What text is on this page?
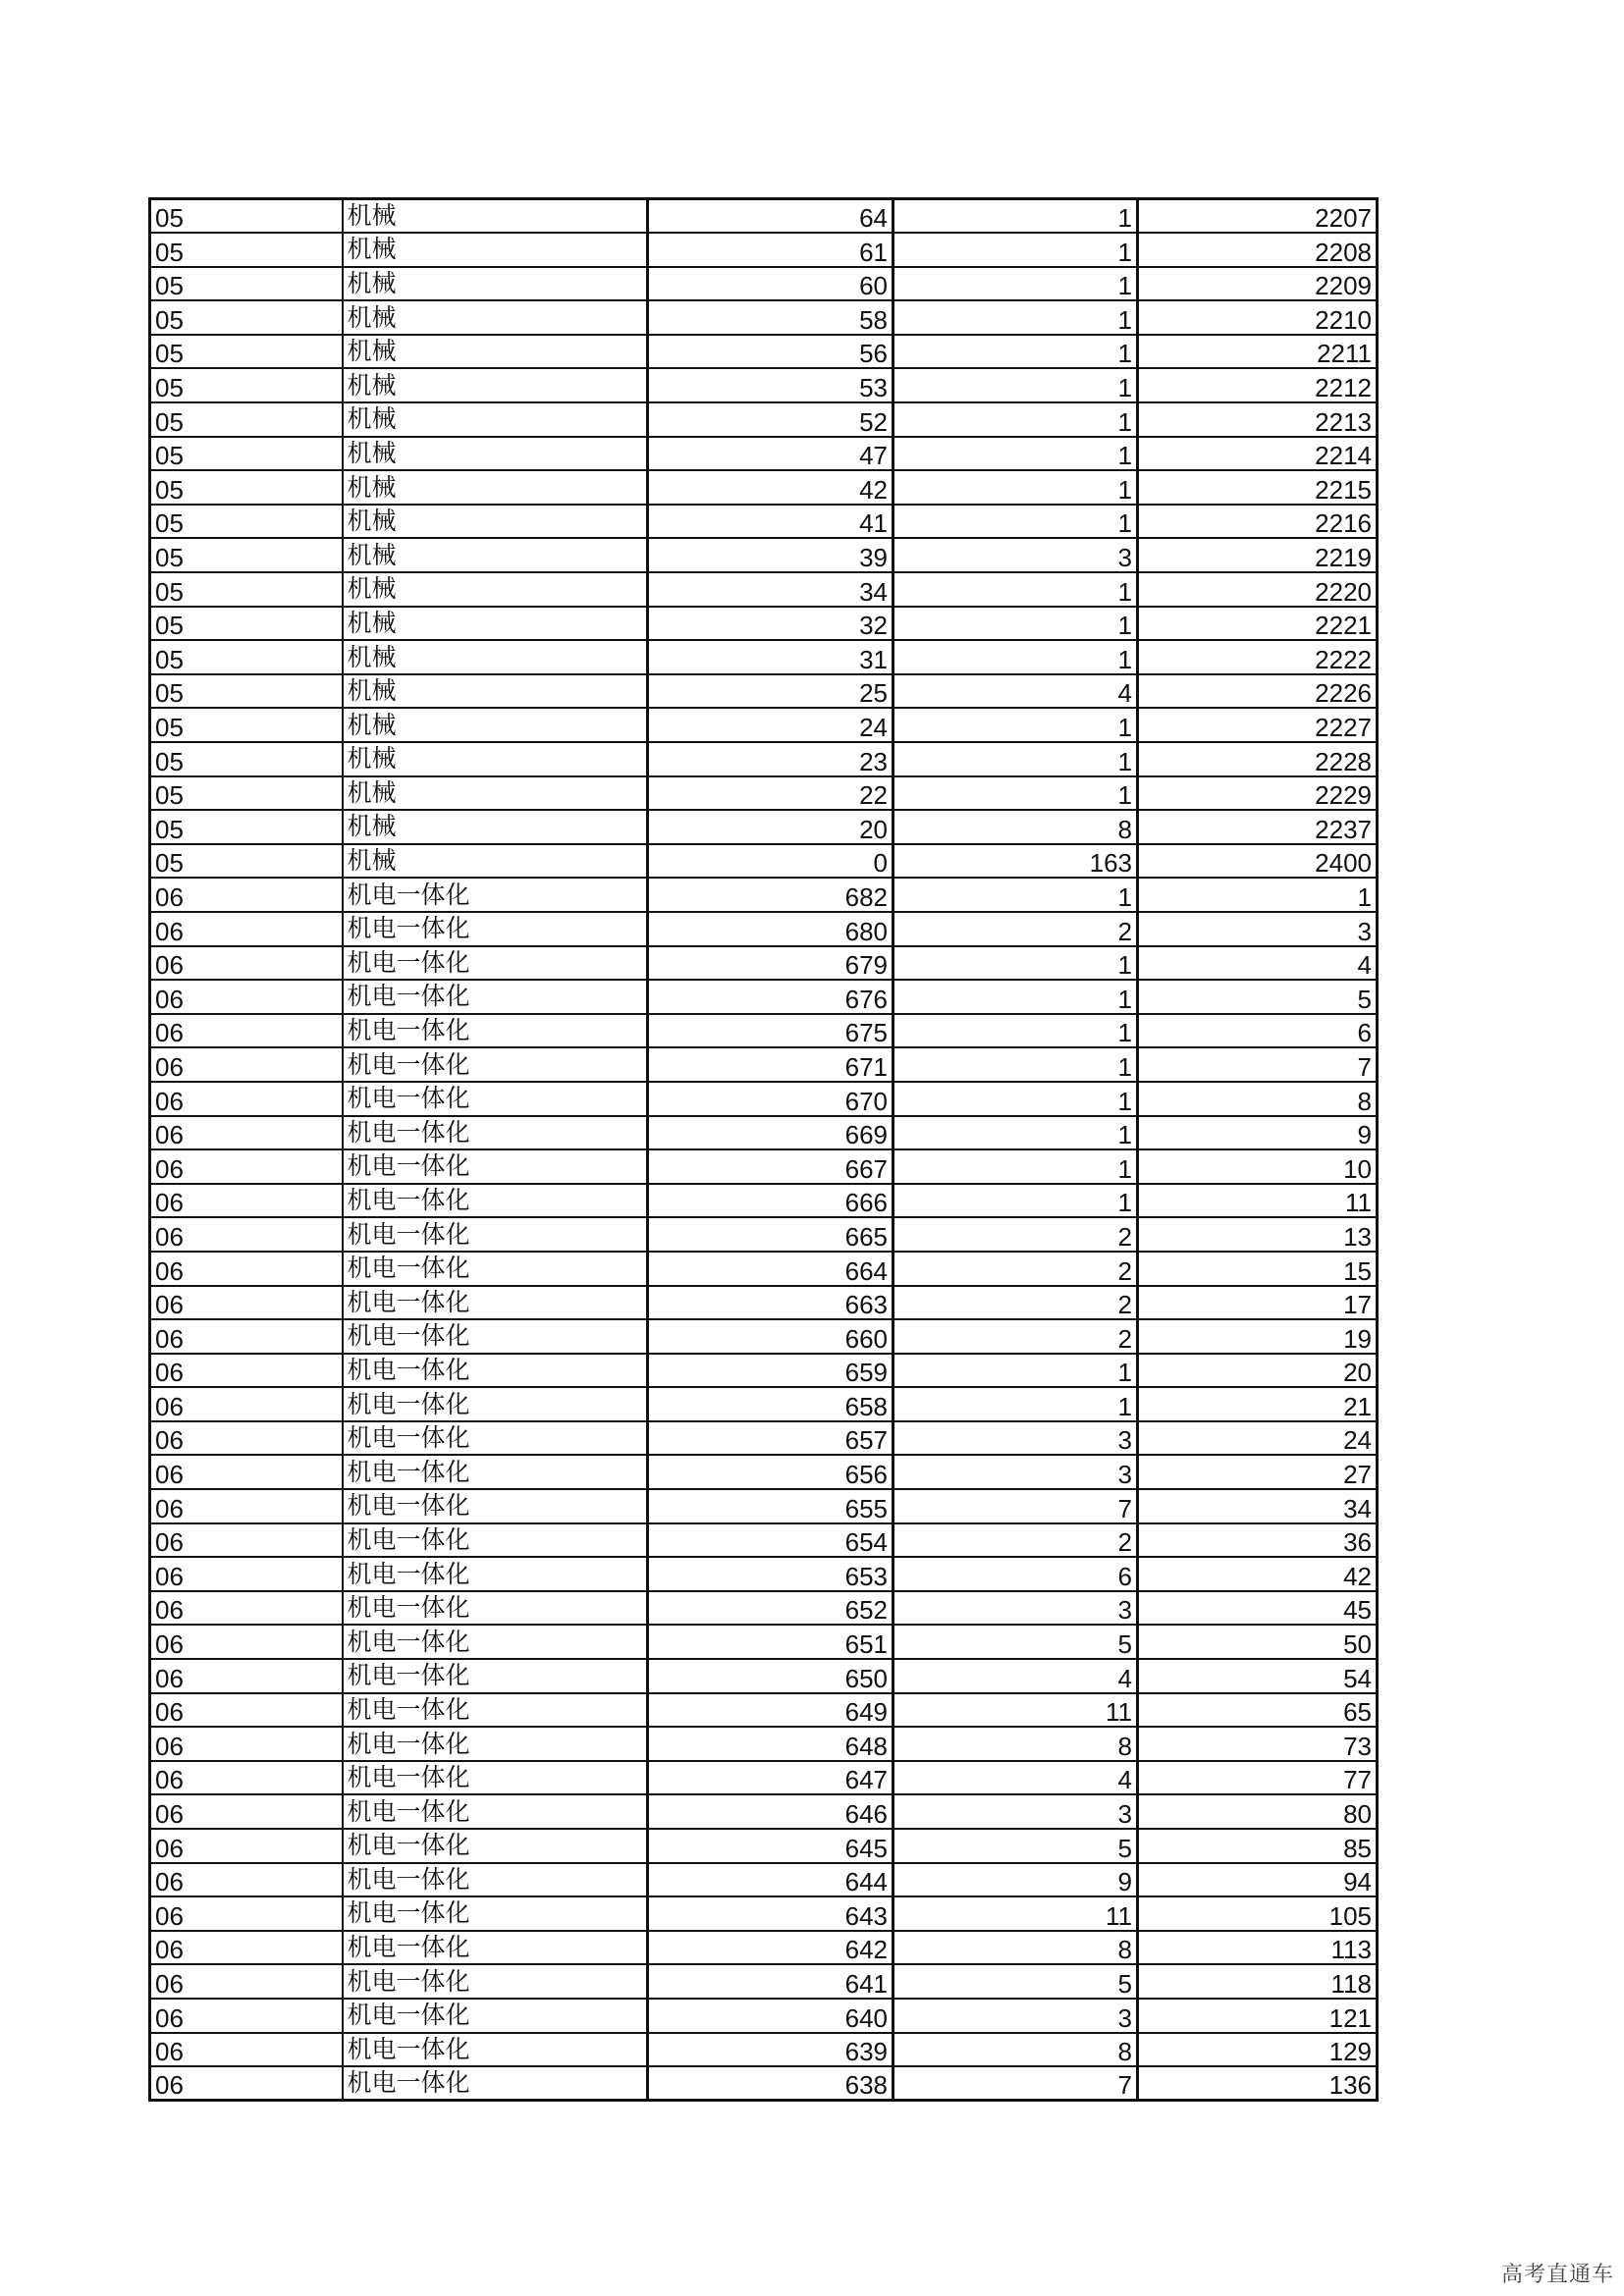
05	机械	64	1	2207
05	机械	61	1	2208
05	机械	60	1	2209
05	机械	58	1	2210
05	机械	56	1	2211
05	机械	53	1	2212
05	机械	52	1	2213
05	机械	47	1	2214
05	机械	42	1	2215
05	机械	41	1	2216
05	机械	39	3	2219
05	机械	34	1	2220
05	机械	32	1	2221
05	机械	31	1	2222
05	机械	25	4	2226
05	机械	24	1	2227
05	机械	23	1	2228
05	机械	22	1	2229
05	机械	20	8	2237
05	机械	0	163	2400
06	机电一体化	682	1	1
06	机电一体化	680	2	3
06	机电一体化	679	1	4
06	机电一体化	676	1	5
06	机电一体化	675	1	6
06	机电一体化	671	1	7
06	机电一体化	670	1	8
06	机电一体化	669	1	9
06	机电一体化	667	1	10
06	机电一体化	666	1	11
06	机电一体化	665	2	13
06	机电一体化	664	2	15
06	机电一体化	663	2	17
06	机电一体化	660	2	19
06	机电一体化	659	1	20
06	机电一体化	658	1	21
06	机电一体化	657	3	24
06	机电一体化	656	3	27
06	机电一体化	655	7	34
06	机电一体化	654	2	36
06	机电一体化	653	6	42
06	机电一体化	652	3	45
06	机电一体化	651	5	50
06	机电一体化	650	4	54
06	机电一体化	649	11	65
06	机电一体化	648	8	73
06	机电一体化	647	4	77
06	机电一体化	646	3	80
06	机电一体化	645	5	85
06	机电一体化	644	9	94
06	机电一体化	643	11	105
06	机电一体化	642	8	113
06	机电一体化	641	5	118
06	机电一体化	640	3	121
06	机电一体化	639	8	129
06	机电一体化	638	7	136
高考直通车
